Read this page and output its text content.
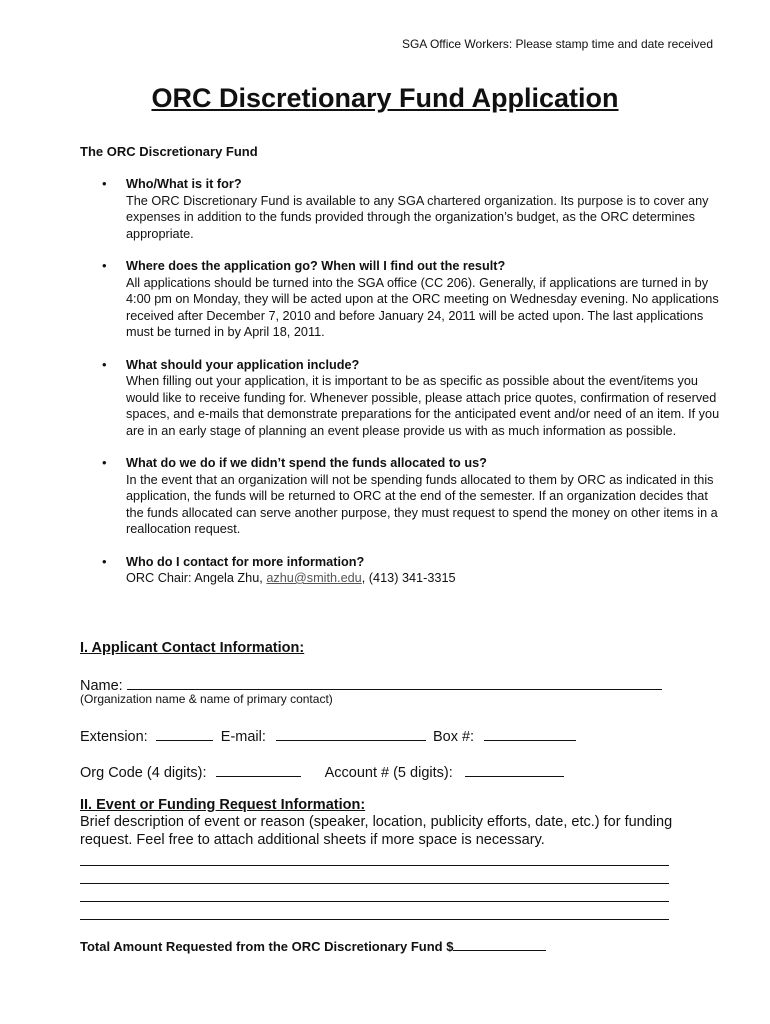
SGA Office Workers: Please stamp time and date received
ORC Discretionary Fund Application
The ORC Discretionary Fund
• Who/What is it for?
The ORC Discretionary Fund is available to any SGA chartered organization. Its purpose is to cover any expenses in addition to the funds provided through the organization’s budget, as the ORC determines appropriate.
• Where does the application go? When will I find out the result?
All applications should be turned into the SGA office (CC 206). Generally, if applications are turned in by 4:00 pm on Monday, they will be acted upon at the ORC meeting on Wednesday evening. No applications received after December 7, 2010 and before January 24, 2011 will be acted upon. The last applications must be turned in by April 18, 2011.
• What should your application include?
When filling out your application, it is important to be as specific as possible about the event/items you would like to receive funding for. Whenever possible, please attach price quotes, confirmation of reserved spaces, and e-mails that demonstrate preparations for the anticipated event and/or need of an item. If you are in an early stage of planning an event please provide us with as much information as possible.
• What do we do if we didn’t spend the funds allocated to us?
In the event that an organization will not be spending funds allocated to them by ORC as indicated in this application, the funds will be returned to ORC at the end of the semester. If an organization decides that the funds allocated can serve another purpose, they must request to spend the money on other items in a reallocation request.
• Who do I contact for more information?
ORC Chair: Angela Zhu, azhu@smith.edu, (413) 341-3315
I. Applicant Contact Information:
Name:
(Organization name & name of primary contact)
Extension:	E-mail:	Box #:
Org Code (4 digits):	Account # (5 digits):
II. Event or Funding Request Information:
Brief description of event or reason (speaker, location, publicity efforts, date, etc.) for funding request. Feel free to attach additional sheets if more space is necessary.
Total Amount Requested from the ORC Discretionary Fund $
